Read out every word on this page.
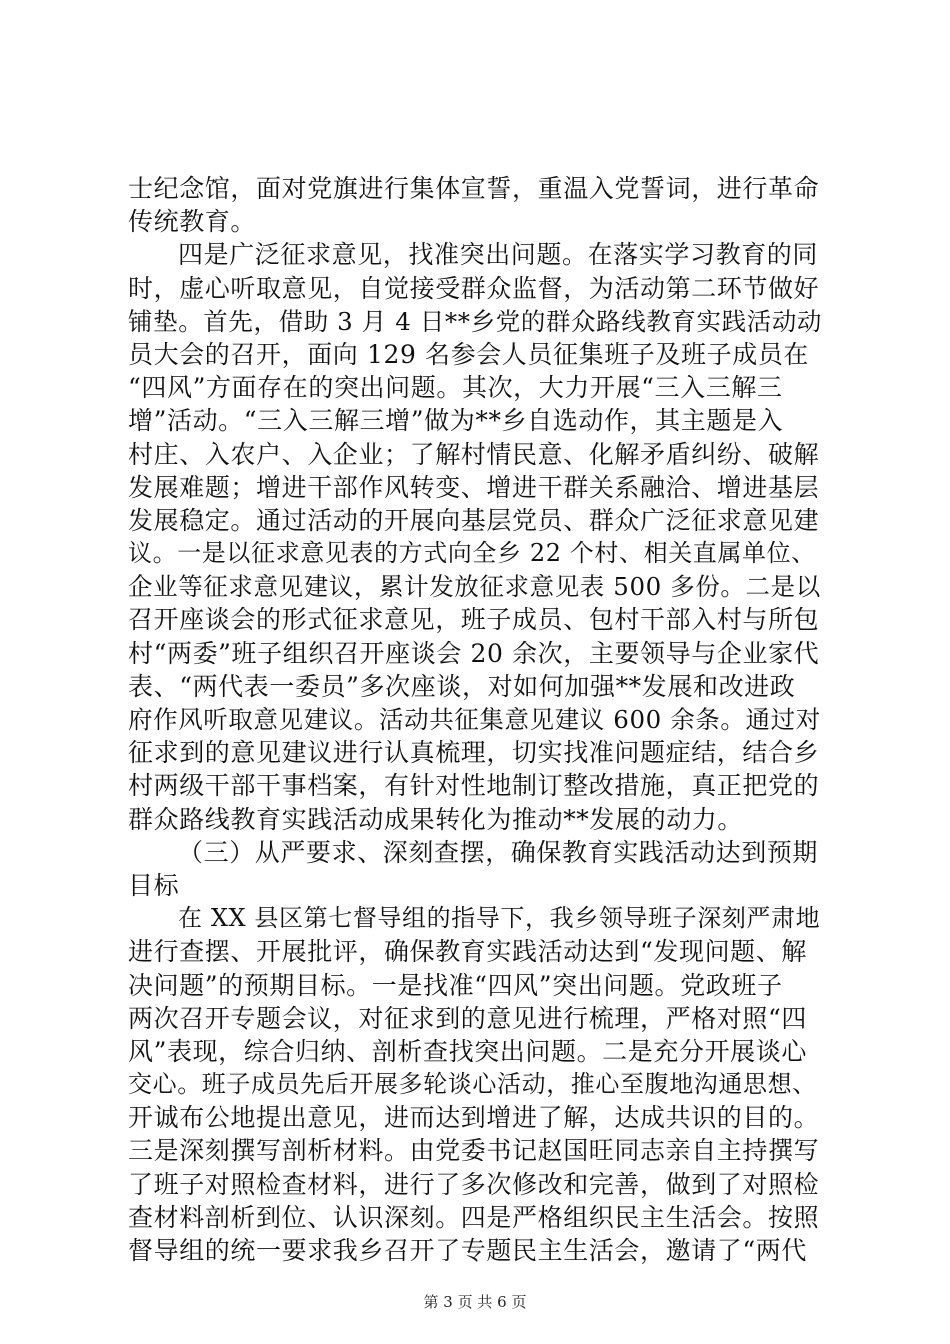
士纪念馆，面对党旗进行集体宣誓，重温入党誓词，进行革命
传统教育。
四是广泛征求意见，找准突出问题。在落实学习教育的同
时，虚心听取意见，自觉接受群众监督，为活动第二环节做好
铺垫。首先，借助 3 月 4 日**乡党的群众路线教育实践活动动
员大会的召开，面向 129 名参会人员征集班子及班子成员在
“四风”方面存在的突出问题。其次，大力开展“三入三解三
增”活动。“三入三解三增”做为**乡自选动作，其主题是入
村庄、入农户、入企业；了解村情民意、化解矛盾纠纷、破解
发展难题；增进干部作风转变、增进干群关系融洽、增进基层
发展稳定。通过活动的开展向基层党员、群众广泛征求意见建
议。一是以征求意见表的方式向全乡 22 个村、相关直属单位、
企业等征求意见建议，累计发放征求意见表 500 多份。二是以
召开座谈会的形式征求意见，班子成员、包村干部入村与所包
村“两委”班子组织召开座谈会 20 余次，主要领导与企业家代
表、“两代表一委员”多次座谈，对如何加强**发展和改进政
府作风听取意见建议。活动共征集意见建议 600 余条。通过对
征求到的意见建议进行认真梳理，切实找准问题症结，结合乡
村两级干部干事档案，有针对性地制订整改措施，真正把党的
群众路线教育实践活动成果转化为推动**发展的动力。
（三）从严要求、深刻查摆，确保教育实践活动达到预期
目标
在 XX 县区第七督导组的指导下，我乡领导班子深刻严肃地
进行查摆、开展批评，确保教育实践活动达到“发现问题、解
决问题”的预期目标。一是找准“四风”突出问题。党政班子
两次召开专题会议，对征求到的意见进行梳理，严格对照“四
风”表现，综合归纳、剖析查找突出问题。二是充分开展谈心
交心。班子成员先后开展多轮谈心活动，推心至腹地沟通思想、
开诚布公地提出意见，进而达到增进了解，达成共识的目的。
三是深刻撰写剖析材料。由党委书记赵国旺同志亲自主持撰写
了班子对照检查材料，进行了多次修改和完善，做到了对照检
查材料剖析到位、认识深刻。四是严格组织民主生活会。按照
督导组的统一要求我乡召开了专题民主生活会，邀请了“两代
第 3 页 共 6 页
